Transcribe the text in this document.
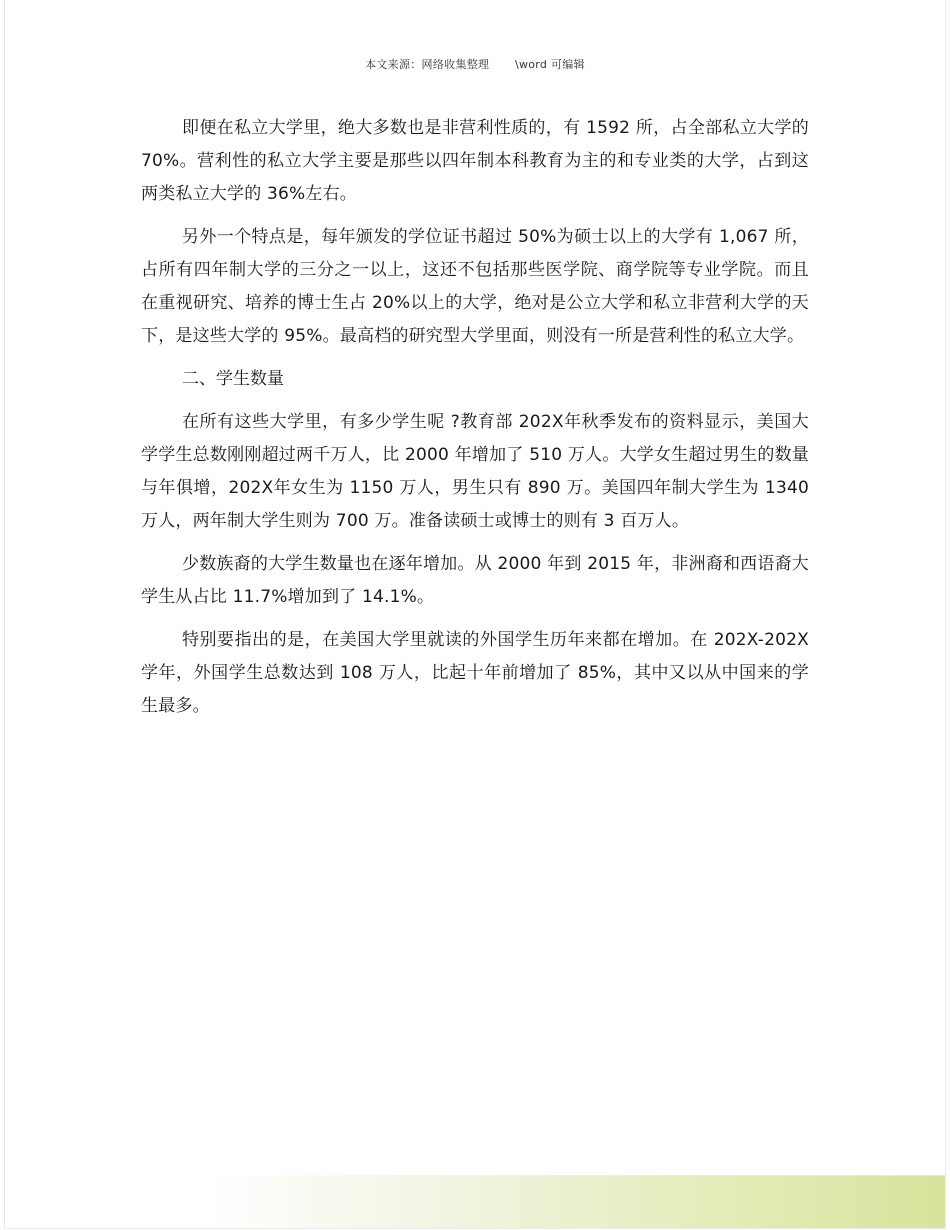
本文来源：网络收集整理 \word 可编辑

即便在私立大学里，绝大多数也是非营利性质的，有 1592 所，占全部私立大学的 70%。营利性的私立大学主要是那些以四年制本科教育为主的和专业类的大学，占到这两类私立大学的 36%左右。

另外一个特点是，每年颁发的学位证书超过 50%为硕士以上的大学有 1,067 所，占所有四年制大学的三分之一以上，这还不包括那些医学院、商学院等专业学院。而且在重视研究、培养的博士生占 20%以上的大学，绝对是公立大学和私立非营利大学的天下，是这些大学的 95%。最高档的研究型大学里面，则没有一所是营利性的私立大学。

二、学生数量

在所有这些大学里，有多少学生呢 ?教育部 202X年秋季发布的资料显示，美国大学学生总数刚刚超过两千万人，比 2000 年增加了 510 万人。大学女生超过男生的数量与年俱增，202X年女生为 1150 万人，男生只有 890 万。美国四年制大学生为 1340 万人，两年制大学生则为 700 万。准备读硕士或博士的则有 3 百万人。

少数族裔的大学生数量也在逐年增加。从 2000 年到 2015 年，非洲裔和西语裔大学生从占比 11.7%增加到了 14.1%。

特别要指出的是，在美国大学里就读的外国学生历年来都在增加。在 202X-202X 学年，外国学生总数达到 108 万人，比起十年前增加了 85%，其中又以从中国来的学生最多。
